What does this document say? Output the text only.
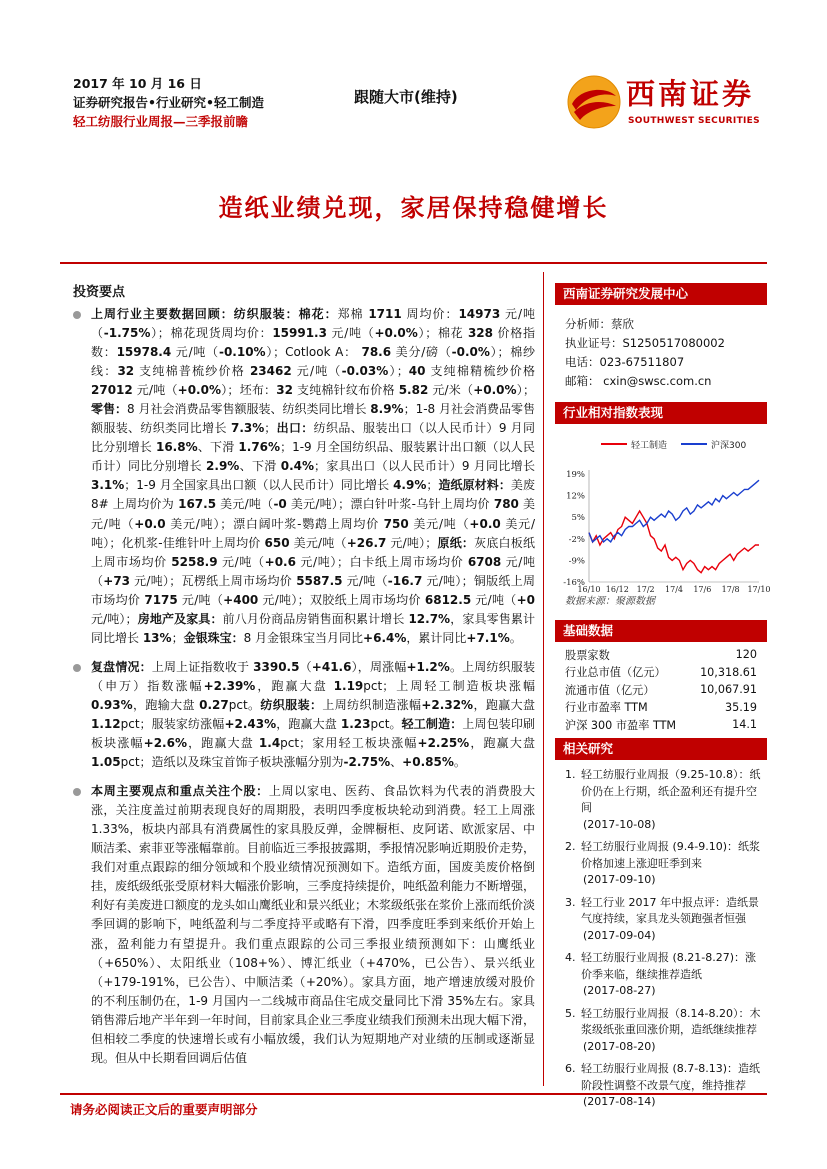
2017 年 10 月 16 日
证券研究报告•行业研究•轻工制造
轻工纺服行业周报—三季报前瞻
跟随大市(维持)	西南证券
SOUTHWEST SECURITIES
造纸业绩兑现，家居保持稳健增长
投资要点

上周行业主要数据回顾：纺织服装：棉花：郑棉 1711 周均价：14973 元/吨（-1.75%）；棉花现货周均价：15991.3 元/吨（+0.0%）；棉花 328 价格指数：15978.4 元/吨（-0.10%）；Cotlook A： 78.6 美分/磅（-0.0%）；棉纱线：32 支纯棉普梳纱价格 23462 元/吨（-0.03%）；40 支纯棉精梳纱价格 27012 元/吨（+0.0%）；坯布：32 支纯棉针纹布价格 5.82 元/米（+0.0%）；零售：8 月社会消费品零售额服装、纺织类同比增长 8.9%；1-8 月社会消费品零售额服装、纺织类同比增长 7.3%；出口：纺织品、服装出口（以人民币计）9 月同比分别增长 16.8%、下滑 1.76%；1-9 月全国纺织品、服装累计出口额（以人民币计）同比分别增长 2.9%、下滑 0.4%；家具出口（以人民币计）9 月同比增长 3.1%；1-9 月全国家具出口额（以人民币计）同比增长 4.9%；造纸原材料：美废 8# 上周均价为 167.5 美元/吨（-0 美元/吨）；漂白针叶浆-乌针上周均价 780 美元/吨（+0.0 美元/吨）；漂白阔叶浆-鹦鹉上周均价 750 美元/吨（+0.0 美元/吨）；化机浆-佳维针叶上周均价 650 美元/吨（+26.7 元/吨）；原纸：灰底白板纸上周市场均价 5258.9 元/吨（+0.6 元/吨）；白卡纸上周市场均价 6708 元/吨（+73 元/吨）；瓦楞纸上周市场均价 5587.5 元/吨（-16.7 元/吨）；铜版纸上周市场均价 7175 元/吨（+400 元/吨）；双胶纸上周市场均价 6812.5 元/吨（+0 元/吨）；房地产及家具：前八月份商品房销售面积累计增长 12.7%，家具零售累计同比增长 13%；金银珠宝：8 月金银珠宝当月同比+6.4%，累计同比+7.1%。

复盘情况：上周上证指数收于 3390.5（+41.6），周涨幅+1.2%。上周纺织服装（申万）指数涨幅+2.39%，跑赢大盘 1.19pct；上周轻工制造板块涨幅 0.93%，跑输大盘 0.27pct。纺织服装：上周纺织制造涨幅+2.32%，跑赢大盘 1.12pct；服装家纺涨幅+2.43%，跑赢大盘 1.23pct。轻工制造：上周包装印刷板块涨幅+2.6%，跑赢大盘 1.4pct；家用轻工板块涨幅+2.25%，跑赢大盘 1.05pct；造纸以及珠宝首饰子板块涨幅分别为-2.75%、+0.85%。

本周主要观点和重点关注个股：上周以家电、医药、食品饮料为代表的消费股大涨，关注度盖过前期表现良好的周期股，表明四季度板块轮动到消费。轻工上周涨 1.33%，板块内部具有消费属性的家具股反弹，金牌橱柜、皮阿诺、欧派家居、中顺洁柔、索菲亚等涨幅靠前。目前临近三季报披露期，季报情况影响近期股价走势，我们对重点跟踪的细分领域和个股业绩情况预测如下。造纸方面，国废美废价格倒挂，废纸级纸张受原材料大幅涨价影响，三季度持续提价，吨纸盈利能力不断增强，利好有美废进口额度的龙头如山鹰纸业和景兴纸业；木浆级纸张在浆价上涨而纸价淡季回调的影响下，吨纸盈利与二季度持平或略有下滑，四季度旺季到来纸价开始上涨，盈利能力有望提升。我们重点跟踪的公司三季报业绩预测如下：山鹰纸业（+650%）、太阳纸业（108+%）、博汇纸业（+470%，已公告）、景兴纸业（+179-191%，已公告）、中顺洁柔（+20%）。家具方面，地产增速放缓对股价的不利压制仍在，1-9 月国内一二线城市商品住宅成交量同比下滑 35%左右。家具销售滞后地产半年到一年时间，目前家具企业三季度业绩我们预测未出现大幅下滑，但相较二季度的快速增长或有小幅放缓，我们认为短期地产对业绩的压制或逐渐显现。但从中长期看回调后估值

西南证券研究发展中心
分析师：蔡欣
执业证号：S1250517080002
电话：023-67511807
邮箱： cxin@swsc.com.cn
行业相对指数表现
轻工制造	沪深300
19%
12%
5%
-2%
-9%
-16%
16/10 16/12 17/2 17/4 17/6 17/8 17/10
数据来源：聚源数据
基础数据
股票家数	120
行业总市值（亿元）	10,318.61
流通市值（亿元）	10,067.91
行业市盈率 TTM	35.19
沪深 300 市盈率 TTM	14.1
相关研究
1. 轻工纺服行业周报（9.25-10.8）：纸价仍在上行期，纸企盈利还有提升空间
(2017-10-08)
2. 轻工纺服行业周报 (9.4-9.10)：纸浆价格加速上涨迎旺季到来
(2017-09-10)
3. 轻工行业 2017 年中报点评：造纸景气度持续，家具龙头领跑强者恒强
(2017-09-04)
4. 轻工纺服行业周报 (8.21-8.27)：涨价季来临，继续推荐造纸
(2017-08-27)
5. 轻工纺服行业周报（8.14-8.20）：木浆级纸张重回涨价期，造纸继续推荐
(2017-08-20)
6. 轻工纺服行业周报 (8.7-8.13)：造纸阶段性调整不改景气度，维持推荐
(2017-08-14)
请务必阅读正文后的重要声明部分
